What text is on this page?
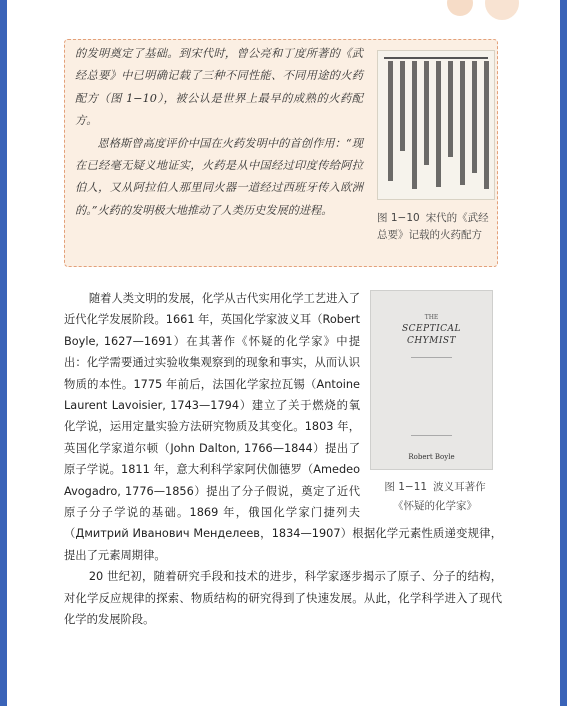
的发明奠定了基础。到宋代时，曾公亮和丁度所著的《武经总要》中已明确记载了三种不同性能、不同用途的火药配方（图 1−10），被公认是世界上最早的成熟的火药配方。

恩格斯曾高度评价中国在火药发明中的首创作用：“现在已经毫无疑义地证实，火药是从中国经过印度传给阿拉伯人，又从阿拉伯人那里同火器一道经过西班牙传入欧洲的。”火药的发明极大地推动了人类历史发展的进程。

图 1−10 宋代的《武经
总要》记载的火药配方
THE
SCEPTICAL
CHYMIST
Robert Boyle
图 1−11 波义耳著作
《怀疑的化学家》

随着人类文明的发展，化学从古代实用化学工艺进入了近代化学发展阶段。1661 年，英国化学家波义耳（Robert Boyle, 1627—1691）在其著作《怀疑的化学家》中提出：化学需要通过实验收集观察到的现象和事实，从而认识物质的本性。1775 年前后，法国化学家拉瓦锡（Antoine Laurent Lavoisier, 1743—1794）建立了关于燃烧的氧化学说，运用定量实验方法研究物质及其变化。1803 年，英国化学家道尔顿（John Dalton, 1766—1844）提出了原子学说。1811 年，意大利科学家阿伏伽德罗（Amedeo Avogadro, 1776—1856）提出了分子假说，奠定了近代原子分子学说的基础。1869 年，俄国化学家门捷列夫（Дмитрий Иванович Менделеев，1834—1907）根据化学元素性质递变规律，提出了元素周期律。

20 世纪初，随着研究手段和技术的进步，科学家逐步揭示了原子、分子的结构，对化学反应规律的探索、物质结构的研究得到了快速发展。从此，化学科学进入了现代化学的发展阶段。
